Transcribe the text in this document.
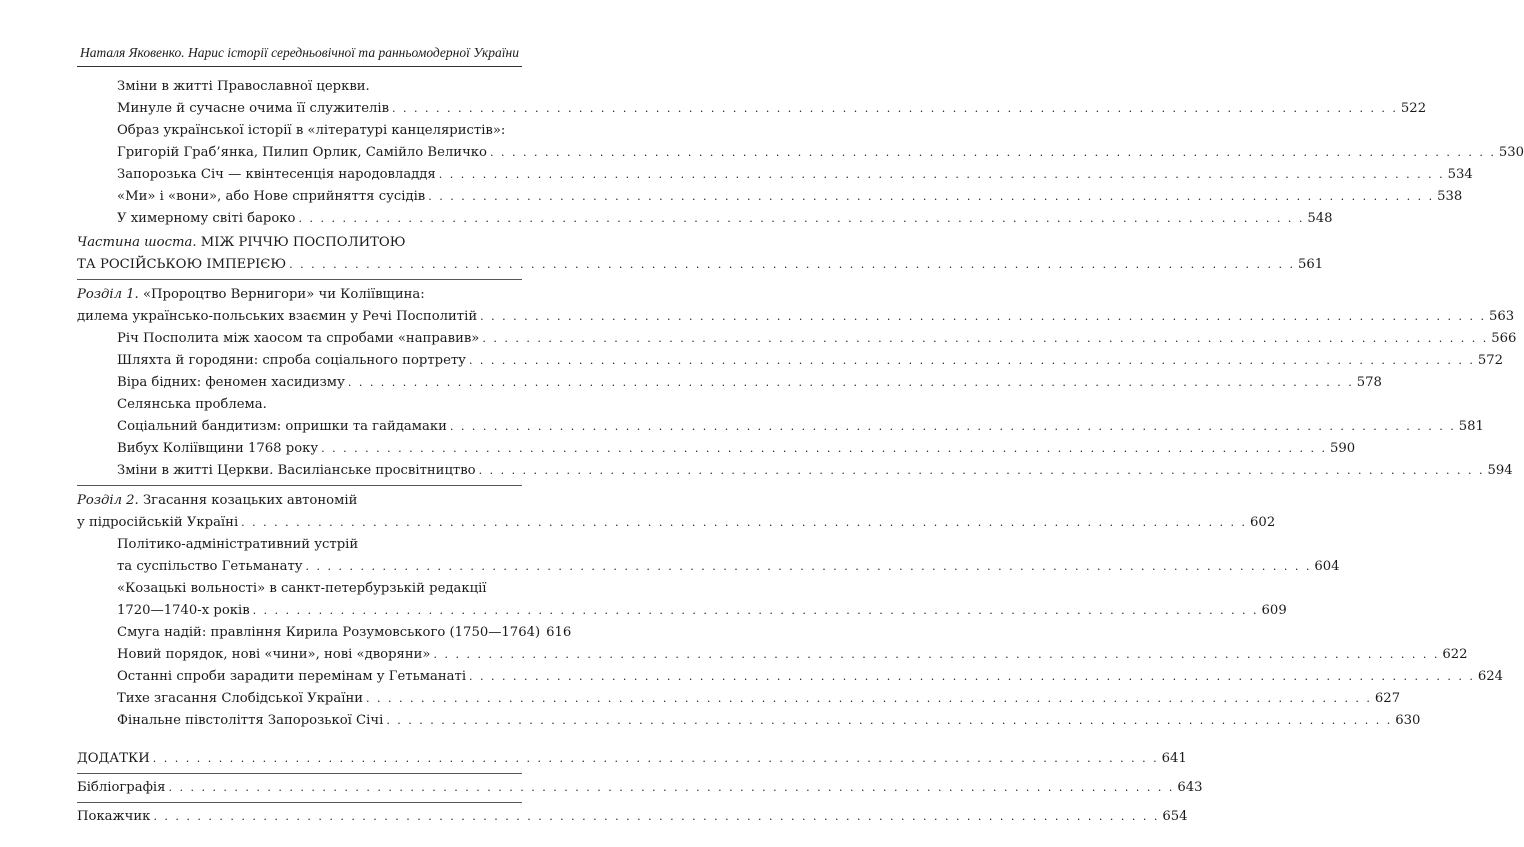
Наталя Яковенко. Нарис історії середньовічної та ранньомодерної України
Зміни в житті Православної церкви.
Минуле й сучасне очима її служителів . . .	522
Образ української історії в «літературі канцеляристів»:
Григорій Граб’янка, Пилип Орлик, Самійло Величко . . .	530
Запорозька Січ — квінтесенція народовладдя . . .	534
«Ми» і «вони», або Нове сприйняття сусідів . . .	538
У химерному світі бароко . . .	548
Частина шоста. МІЖ РІЧЧЮ ПОСПОЛИТОЮ
ТА РОСІЙСЬКОЮ ІМПЕРІЄЮ . . .	561
Розділ 1. «Пророцтво Вернигори» чи Коліївщина:
дилема українсько-польських взаємин у Речі Посполитій . . .	563
Річ Посполита між хаосом та спробами «направив» . . .	566
Шляхта й городяни: спроба соціального портрету . . .	572
Віра бідних: феномен хасидизму . . .	578
Селянська проблема.
Соціальний бандитизм: опришки та гайдамаки . . .	581
Вибух Коліївщини 1768 року . . .	590
Зміни в житті Церкви. Василіанське просвітництво . . .	594
Розділ 2. Згасання козацьких автономій
у підросійській Україні . . .	602
Політико-адміністративний устрій
та суспільство Гетьманату . . .	604
«Козацькі вольності» в санкт-петербурзькій редакції
1720—1740-х років . . .	609
Смуга надій: правління Кирила Розумовського (1750—1764) 616
Новий порядок, нові «чини», нові «дворяни» . . .	622
Останні спроби зарадити перемінам у Гетьманаті . . .	624
Тихе згасання Слобідської України . . .	627
Фінальне півстоліття Запорозької Січі . . .	630
ДОДАТКИ . . .	641
Бібліографія . . .	643
Покажчик . . .	654
